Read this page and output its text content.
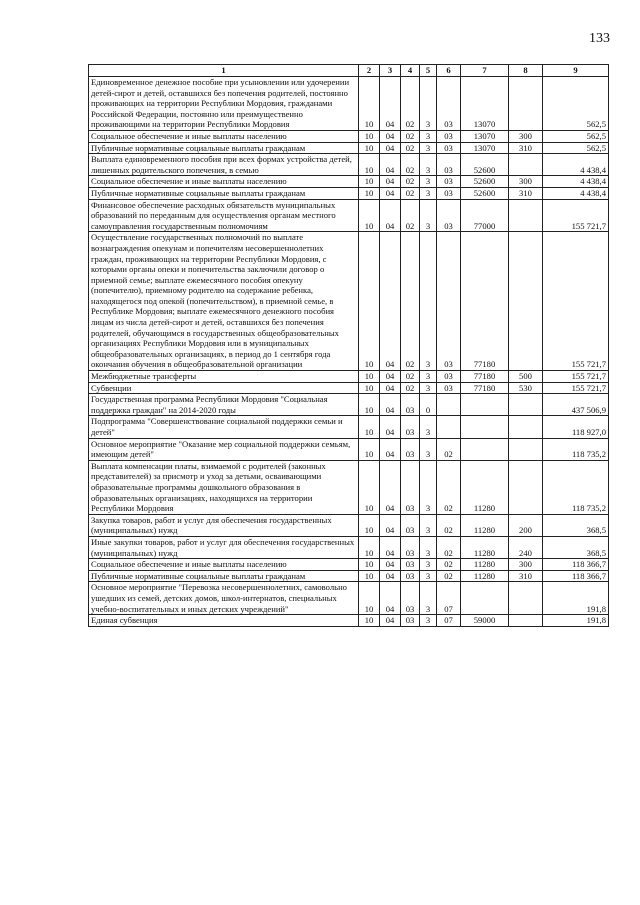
133
1	2	3	4	5	6	7	8	9
Единовременное денежное пособие при усыновлении или удочерении детей-сирот и детей, оставшихся без попечения родителей, постоянно проживающих на территории Республики Мордовия, гражданами Российской Федерации, постоянно или преимущественно проживающими на территории Республики Мордовия	10	04	02	3	03	13070		562,5
Социальное обеспечение и иные выплаты населению	10	04	02	3	03	13070	300	562,5
Публичные нормативные социальные выплаты гражданам	10	04	02	3	03	13070	310	562,5
Выплата единовременного пособия при всех формах устройства детей, лишенных родительского попечения, в семью	10	04	02	3	03	52600		4 438,4
Социальное обеспечение и иные выплаты населению	10	04	02	3	03	52600	300	4 438,4
Публичные нормативные социальные выплаты гражданам	10	04	02	3	03	52600	310	4 438,4
Финансовое обеспечение расходных обязательств муниципальных образований по переданным для осуществления органам местного самоуправления государственным полномочиям	10	04	02	3	03	77000		155 721,7
Осуществление государственных полномочий по выплате вознаграждения опекунам и попечителям несовершеннолетних граждан, проживающих на территории Республики Мордовия, с которыми органы опеки и попечительства заключили договор о приемной семье; выплате ежемесячного пособия опекуну (попечителю), приемному родителю на содержание ребенка, находящегося под опекой (попечительством), в приемной семье, в Республике Мордовия; выплате ежемесячного денежного пособия лицам из числа детей-сирот и детей, оставшихся без попечения родителей, обучающимся в государственных общеобразовательных организациях Республики Мордовия или в муниципальных общеобразовательных организациях, в период до 1 сентября года окончания обучения в общеобразовательной организации	10	04	02	3	03	77180		155 721,7
Межбюджетные трансферты	10	04	02	3	03	77180	500	155 721,7
Субвенции	10	04	02	3	03	77180	530	155 721,7
Государственная программа Республики Мордовия "Социальная поддержка граждан" на 2014-2020 годы	10	04	03	0				437 506,9
Подпрограмма "Совершенствование социальной поддержки семьи и детей"	10	04	03	3				118 927,0
Основное мероприятие "Оказание мер социальной поддержки семьям, имеющим детей"	10	04	03	3	02			118 735,2
Выплата компенсации платы, взимаемой с родителей (законных представителей) за присмотр и уход за детьми, осваивающими образовательные программы дошкольного образования в образовательных организациях, находящихся на территории Республики Мордовия	10	04	03	3	02	11280		118 735,2
Закупка товаров, работ и услуг для обеспечения государственных (муниципальных) нужд	10	04	03	3	02	11280	200	368,5
Иные закупки товаров, работ и услуг для обеспечения государственных (муниципальных) нужд	10	04	03	3	02	11280	240	368,5
Социальное обеспечение и иные выплаты населению	10	04	03	3	02	11280	300	118 366,7
Публичные нормативные социальные выплаты гражданам	10	04	03	3	02	11280	310	118 366,7
Основное мероприятие "Перевозка несовершеннолетних, самовольно ушедших из семей, детских домов, школ-интернатов, специальных учебно-воспитательных и иных детских учреждений"	10	04	03	3	07			191,8
Единая субвенция	10	04	03	3	07	59000		191,8
